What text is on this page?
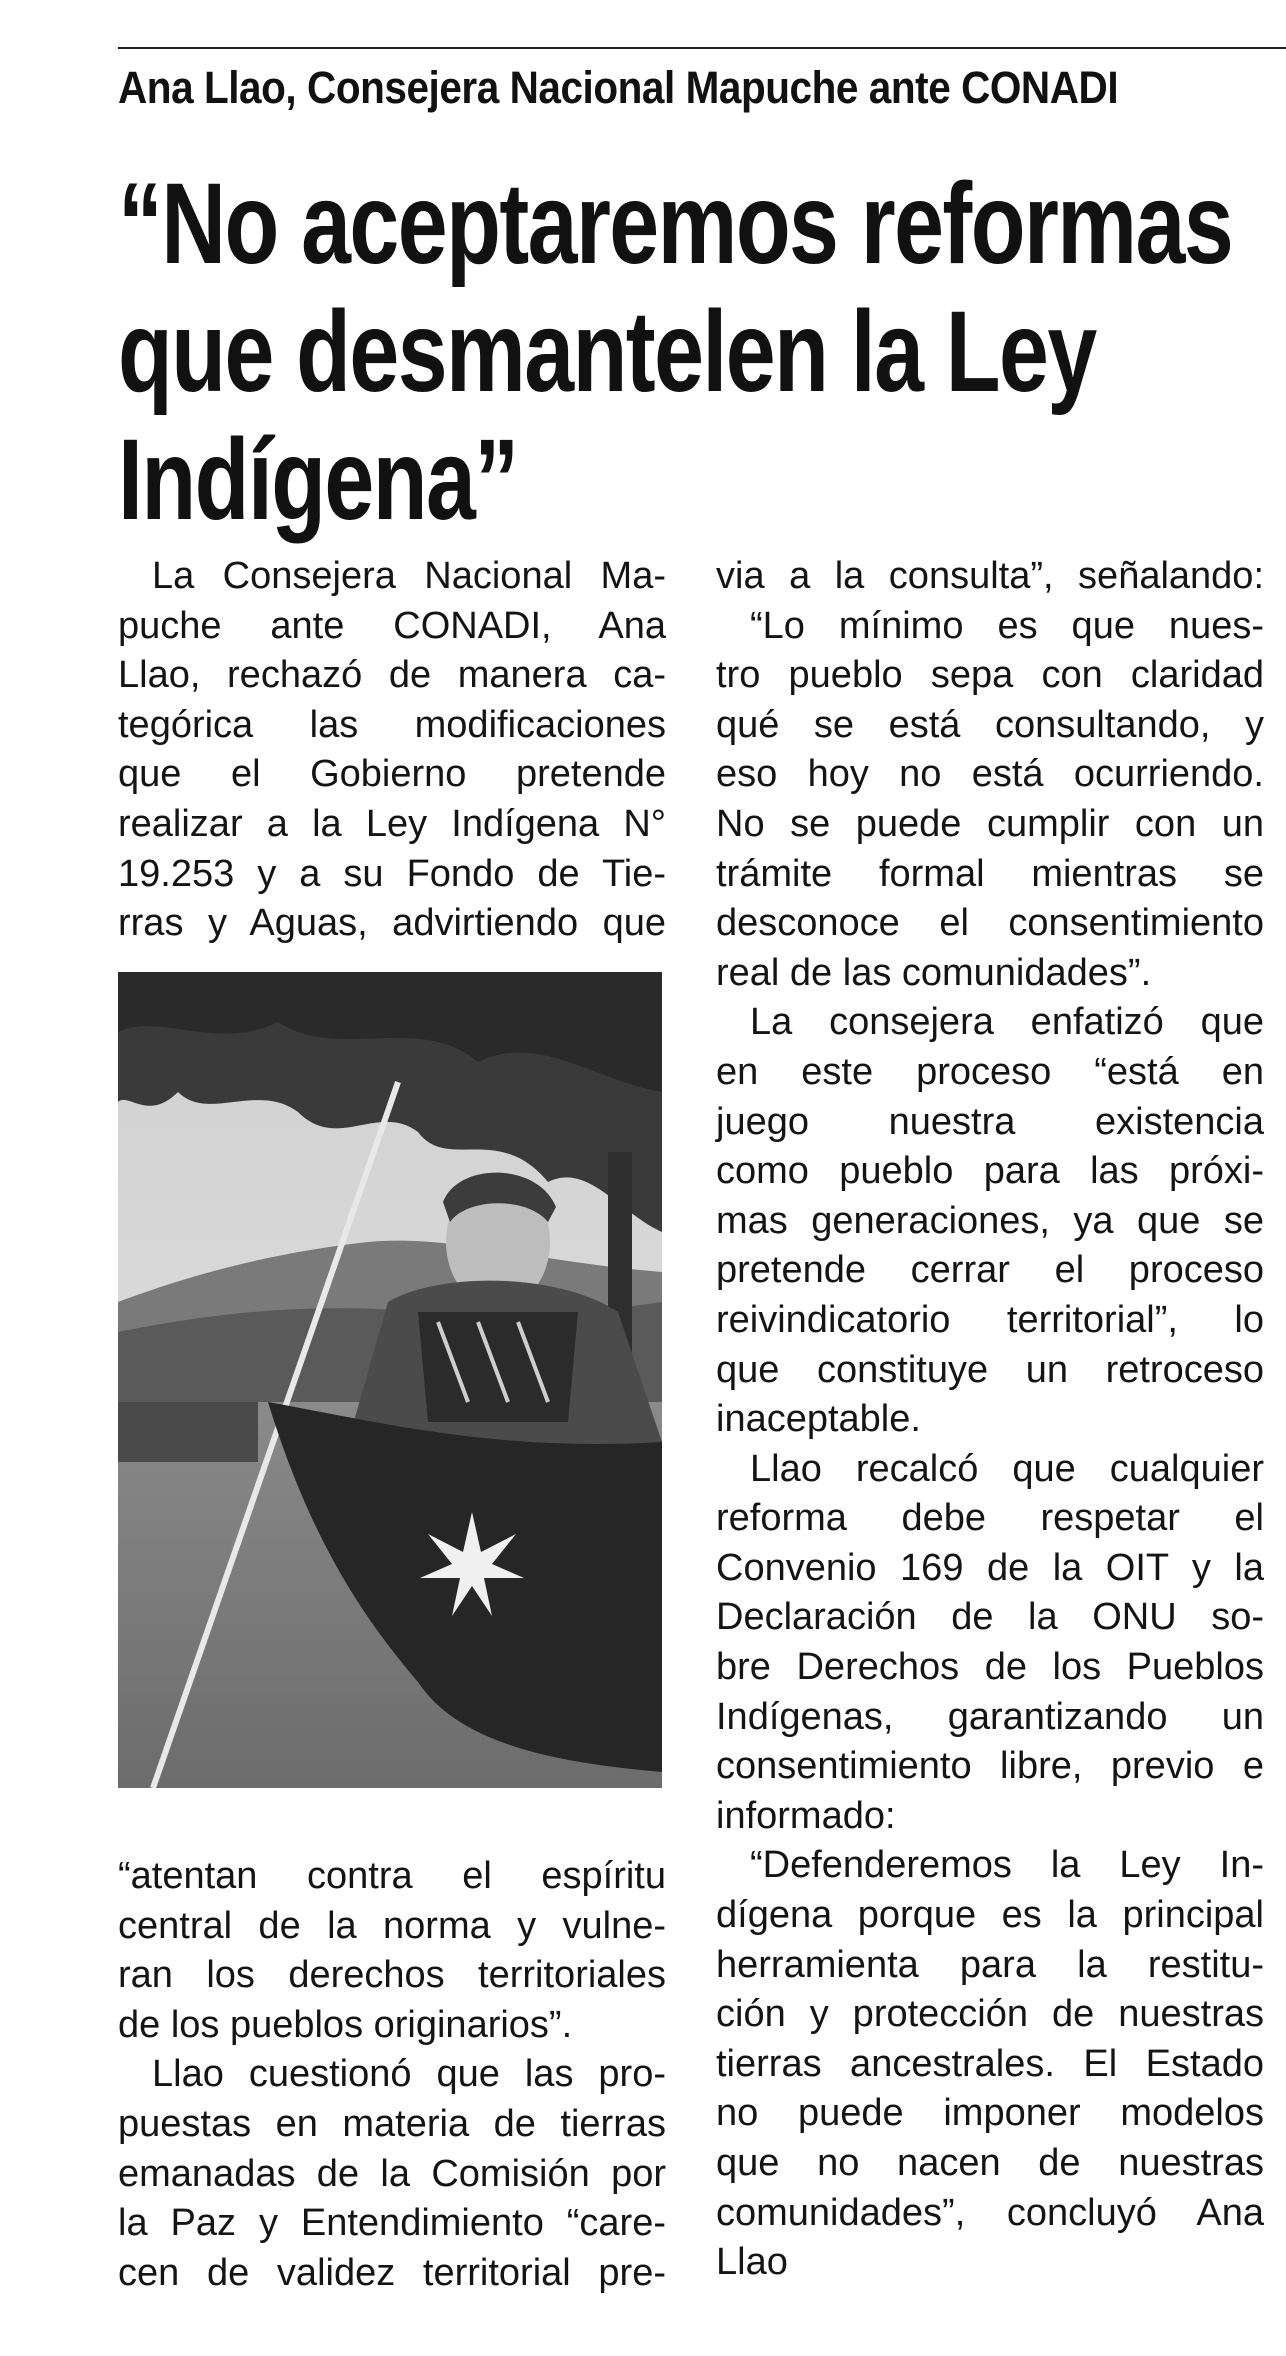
Ana Llao, Consejera Nacional Mapuche ante CONADI
“No aceptaremos reformas
que desmantelen la Ley
Indígena”
La Consejera Nacional Ma-
puche ante CONADI, Ana
Llao, rechazó de manera ca-
tegórica las modificaciones
que el Gobierno pretende
realizar a la Ley Indígena N°
19.253 y a su Fondo de Tie-
rras y Aguas, advirtiendo que
“atentan contra el espíritu
central de la norma y vulne-
ran los derechos territoriales
de los pueblos originarios”.
Llao cuestionó que las pro-
puestas en materia de tierras
emanadas de la Comisión por
la Paz y Entendimiento “care-
cen de validez territorial pre-
via a la consulta”, señalando:
“Lo mínimo es que nues-
tro pueblo sepa con claridad
qué se está consultando, y
eso hoy no está ocurriendo.
No se puede cumplir con un
trámite formal mientras se
desconoce el consentimiento
real de las comunidades”.
La consejera enfatizó que
en este proceso “está en
juego nuestra existencia
como pueblo para las próxi-
mas generaciones, ya que se
pretende cerrar el proceso
reivindicatorio territorial”, lo
que constituye un retroceso
inaceptable.
Llao recalcó que cualquier
reforma debe respetar el
Convenio 169 de la OIT y la
Declaración de la ONU so-
bre Derechos de los Pueblos
Indígenas, garantizando un
consentimiento libre, previo e
informado:
“Defenderemos la Ley In-
dígena porque es la principal
herramienta para la restitu-
ción y protección de nuestras
tierras ancestrales. El Estado
no puede imponer modelos
que no nacen de nuestras
comunidades”, concluyó Ana
Llao
